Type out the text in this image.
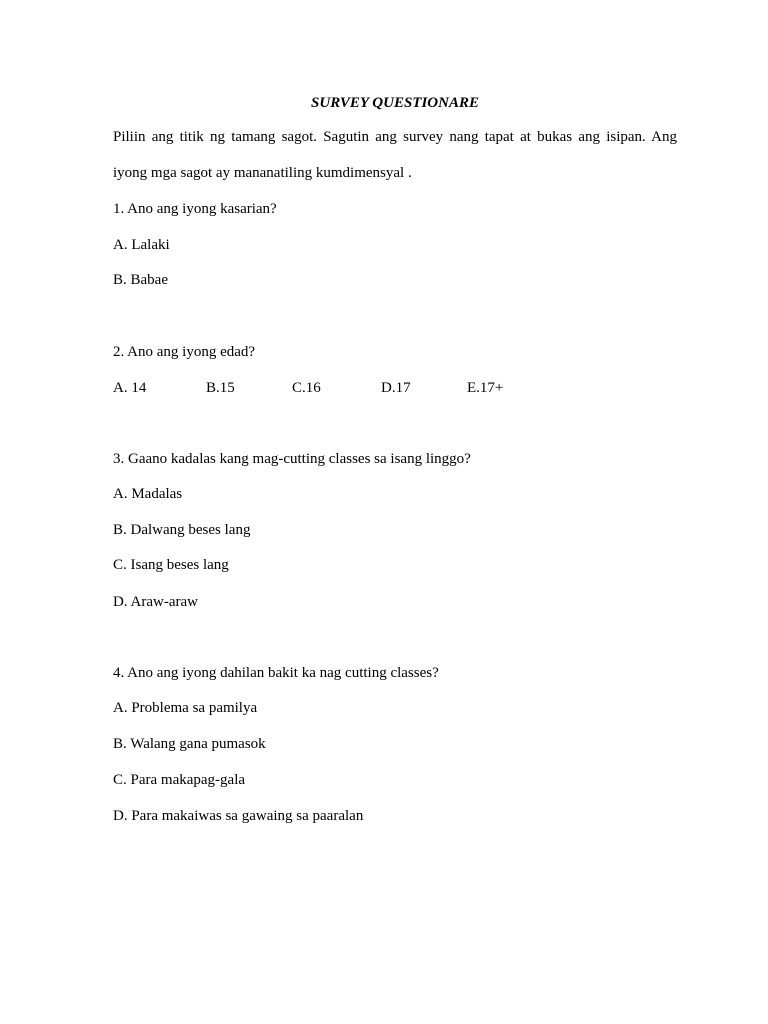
SURVEY QUESTIONARE
Piliin ang titik ng tamang sagot. Sagutin ang survey nang tapat at bukas ang isipan. Ang iyong mga sagot ay mananatiling kumdimensyal .
1. Ano ang iyong kasarian?
A. Lalaki
B. Babae
2. Ano ang iyong edad?
A. 14	B.15	C.16	D.17	E.17+
3. Gaano kadalas kang mag-cutting classes sa isang linggo?
A. Madalas
B. Dalwang beses lang
C. Isang beses lang
D. Araw-araw
4. Ano ang iyong dahilan bakit ka nag cutting classes?
A. Problema sa pamilya
B. Walang gana pumasok
C. Para makapag-gala
D. Para makaiwas sa gawaing sa paaralan
